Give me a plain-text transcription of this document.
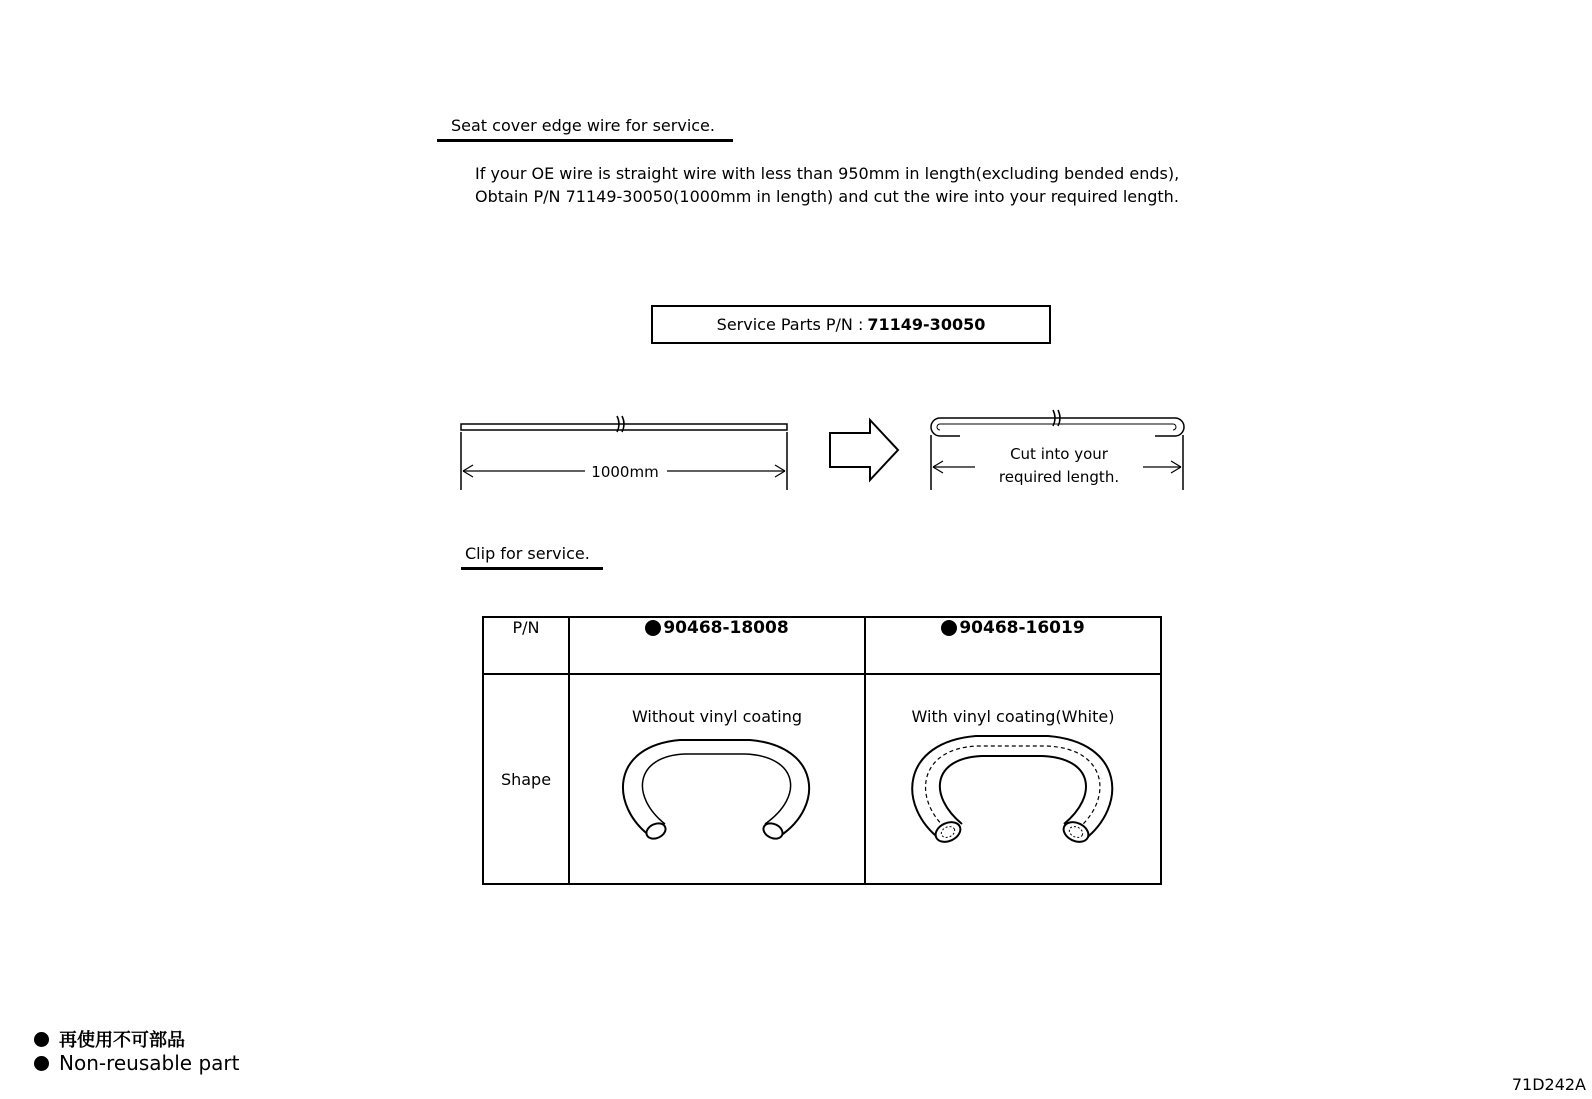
Seat cover edge wire for service.
If your OE wire is straight wire with less than 950mm in length(excluding bended ends),
Obtain P/N 71149-30050(1000mm in length) and cut the wire into your required length.
Service Parts P/N : 71149-30050
1000mm
Cut into your
required length.
Clip for service.
P/N	90468-18008	90468-16019

Shape	Without vinyl coating	With vinyl coating(White)
再使用不可部品
Non-reusable part
71D242A
